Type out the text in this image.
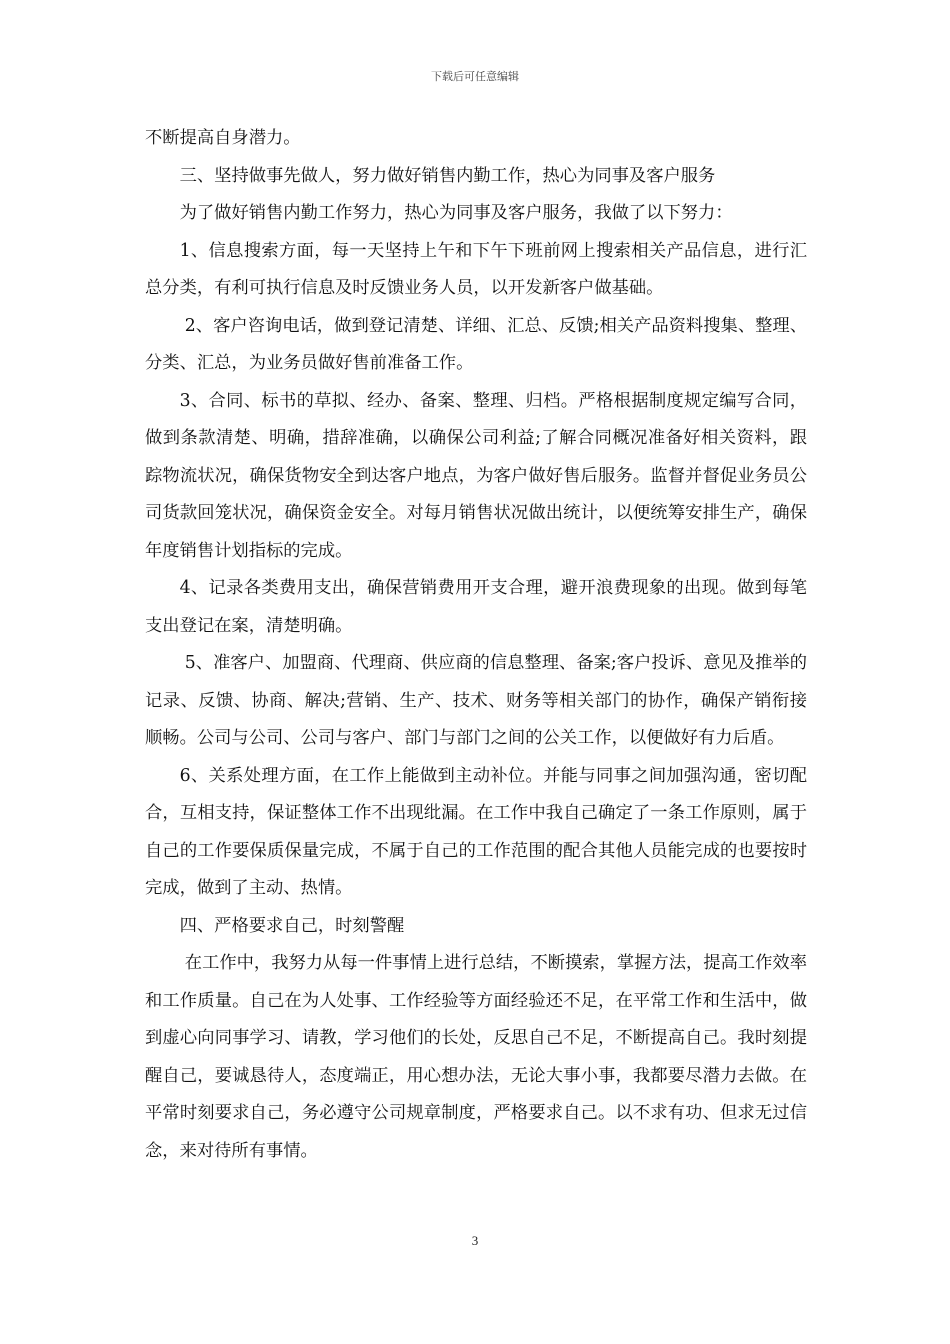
下载后可任意编辑

不断提高自身潜力。

三、坚持做事先做人，努力做好销售内勤工作，热心为同事及客户服务

为了做好销售内勤工作努力，热心为同事及客户服务，我做了以下努力：

1、信息搜索方面，每一天坚持上午和下午下班前网上搜索相关产品信息，进行汇总分类，有利可执行信息及时反馈业务人员，以开发新客户做基础。

2、客户咨询电话，做到登记清楚、详细、汇总、反馈;相关产品资料搜集、整理、分类、汇总，为业务员做好售前准备工作。

3、合同、标书的草拟、经办、备案、整理、归档。严格根据制度规定编写合同，做到条款清楚、明确，措辞准确，以确保公司利益;了解合同概况准备好相关资料，跟踪物流状况，确保货物安全到达客户地点，为客户做好售后服务。监督并督促业务员公司货款回笼状况，确保资金安全。对每月销售状况做出统计，以便统筹安排生产，确保年度销售计划指标的完成。

4、记录各类费用支出，确保营销费用开支合理，避开浪费现象的出现。做到每笔支出登记在案，清楚明确。

5、准客户、加盟商、代理商、供应商的信息整理、备案;客户投诉、意见及推举的记录、反馈、协商、解决;营销、生产、技术、财务等相关部门的协作，确保产销衔接顺畅。公司与公司、公司与客户、部门与部门之间的公关工作，以便做好有力后盾。

6、关系处理方面，在工作上能做到主动补位。并能与同事之间加强沟通，密切配合，互相支持，保证整体工作不出现纰漏。在工作中我自己确定了一条工作原则，属于自己的工作要保质保量完成，不属于自己的工作范围的配合其他人员能完成的也要按时完成，做到了主动、热情。

四、严格要求自己，时刻警醒

在工作中，我努力从每一件事情上进行总结，不断摸索，掌握方法，提高工作效率和工作质量。自己在为人处事、工作经验等方面经验还不足，在平常工作和生活中，做到虚心向同事学习、请教，学习他们的长处，反思自己不足，不断提高自己。我时刻提醒自己，要诚恳待人，态度端正，用心想办法，无论大事小事，我都要尽潜力去做。在平常时刻要求自己，务必遵守公司规章制度，严格要求自己。以不求有功、但求无过信念，来对待所有事情。

3
